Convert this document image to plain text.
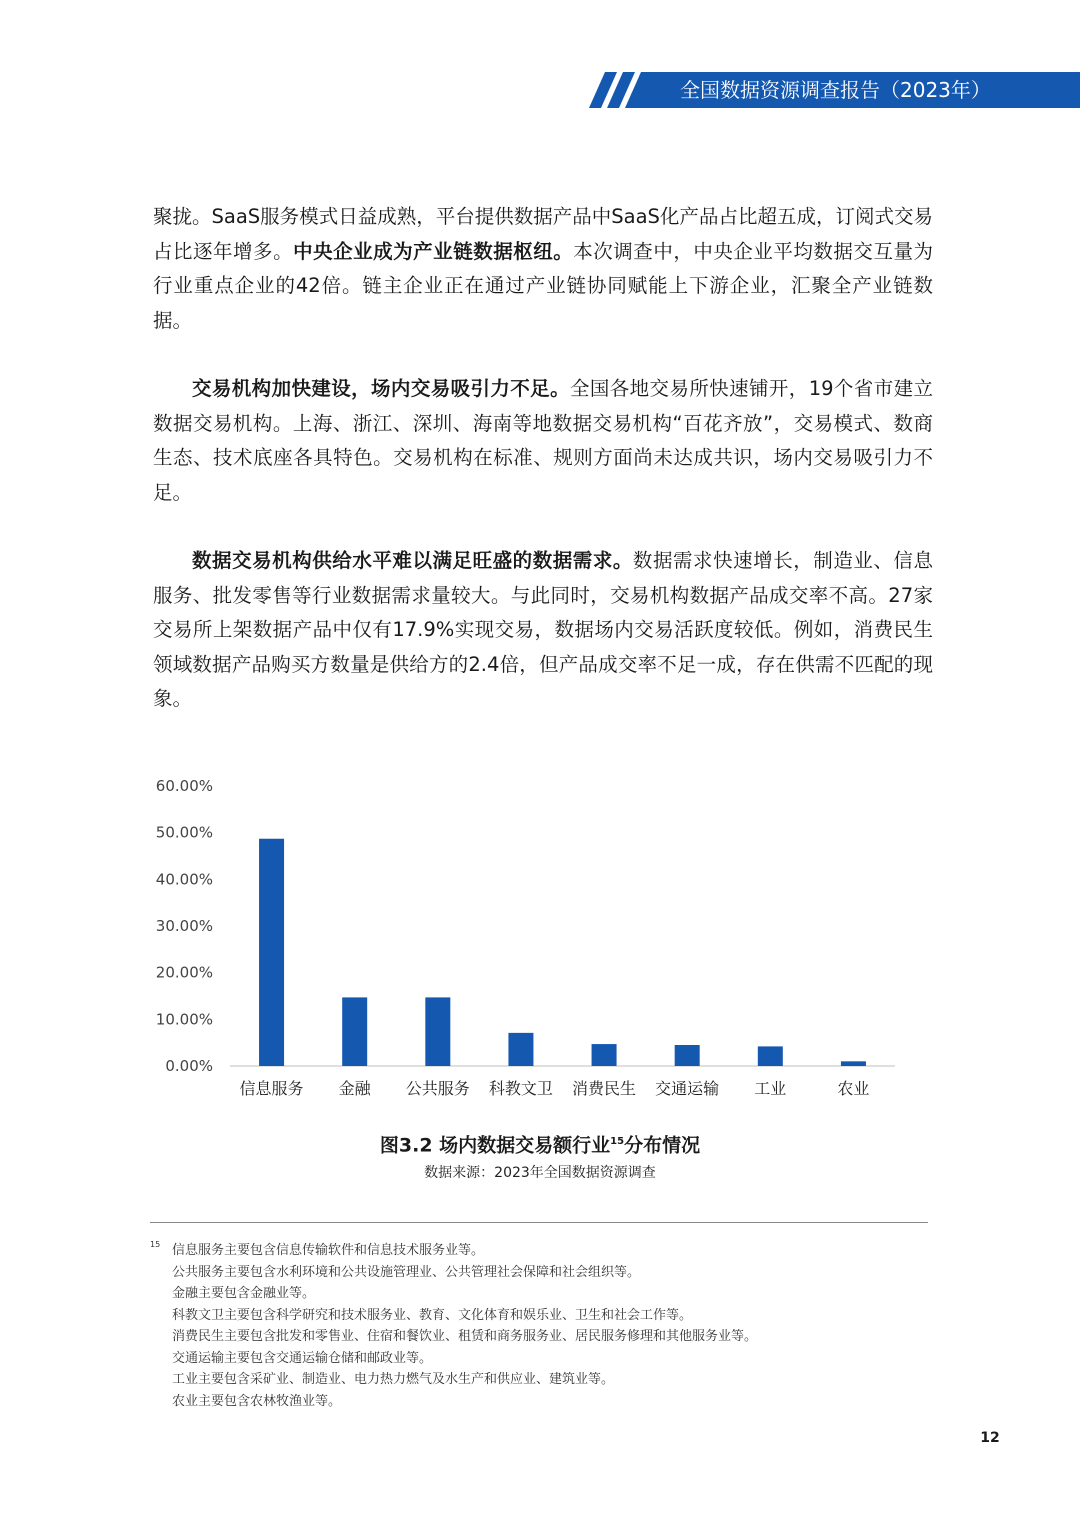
全国数据资源调查报告（2023年）

聚拢。SaaS服务模式日益成熟，平台提供数据产品中SaaS化产品占比超五成，订阅式交易占比逐年增多。中央企业成为产业链数据枢纽。本次调查中，中央企业平均数据交互量为行业重点企业的42倍。链主企业正在通过产业链协同赋能上下游企业，汇聚全产业链数据。

交易机构加快建设，场内交易吸引力不足。全国各地交易所快速铺开，19个省市建立数据交易机构。上海、浙江、深圳、海南等地数据交易机构“百花齐放”，交易模式、数商生态、技术底座各具特色。交易机构在标准、规则方面尚未达成共识，场内交易吸引力不足。

数据交易机构供给水平难以满足旺盛的数据需求。数据需求快速增长，制造业、信息服务、批发零售等行业数据需求量较大。与此同时，交易机构数据产品成交率不高。27家交易所上架数据产品中仅有17.9%实现交易，数据场内交易活跃度较低。例如，消费民生领域数据产品购买方数量是供给方的2.4倍，但产品成交率不足一成，存在供需不匹配的现象。

0.00%
10.00%
20.00%
30.00%
40.00%
50.00%
60.00%
信息服务 金融 公共服务 科教文卫 消费民生 交通运输 工业	农业
图3.2 场内数据交易额行业$^{15}$分布情况
数据来源：2023年全国数据资源调查
15 信息服务主要包含信息传输软件和信息技术服务业等。
公共服务主要包含水利环境和公共设施管理业、公共管理社会保障和社会组织等。
金融主要包含金融业等。
科教文卫主要包含科学研究和技术服务业、教育、文化体育和娱乐业、卫生和社会工作等。
消费民生主要包含批发和零售业、住宿和餐饮业、租赁和商务服务业、居民服务修理和其他服务业等。
交通运输主要包含交通运输仓储和邮政业等。
工业主要包含采矿业、制造业、电力热力燃气及水生产和供应业、建筑业等。
农业主要包含农林牧渔业等。
12
